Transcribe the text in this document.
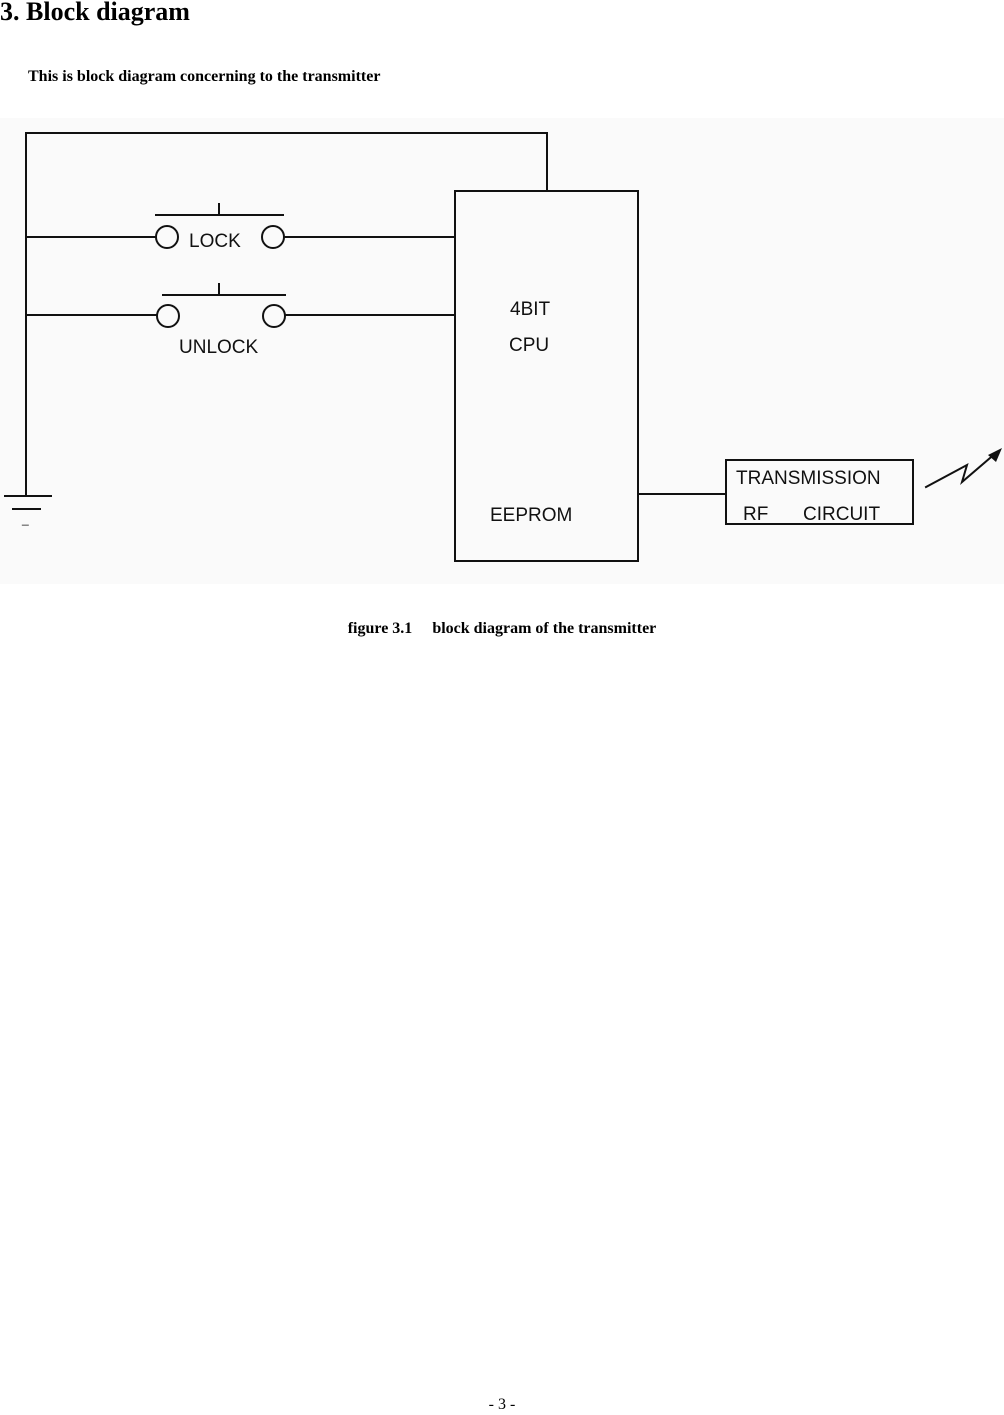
3. Block diagram

This is block diagram concerning to the transmitter

LOCK
UNLOCK
4BIT
CPU
EEPROM
TRANSMISSION
RF CIRCUIT
_

figure 3.1 block diagram of the transmitter

- 3 -
